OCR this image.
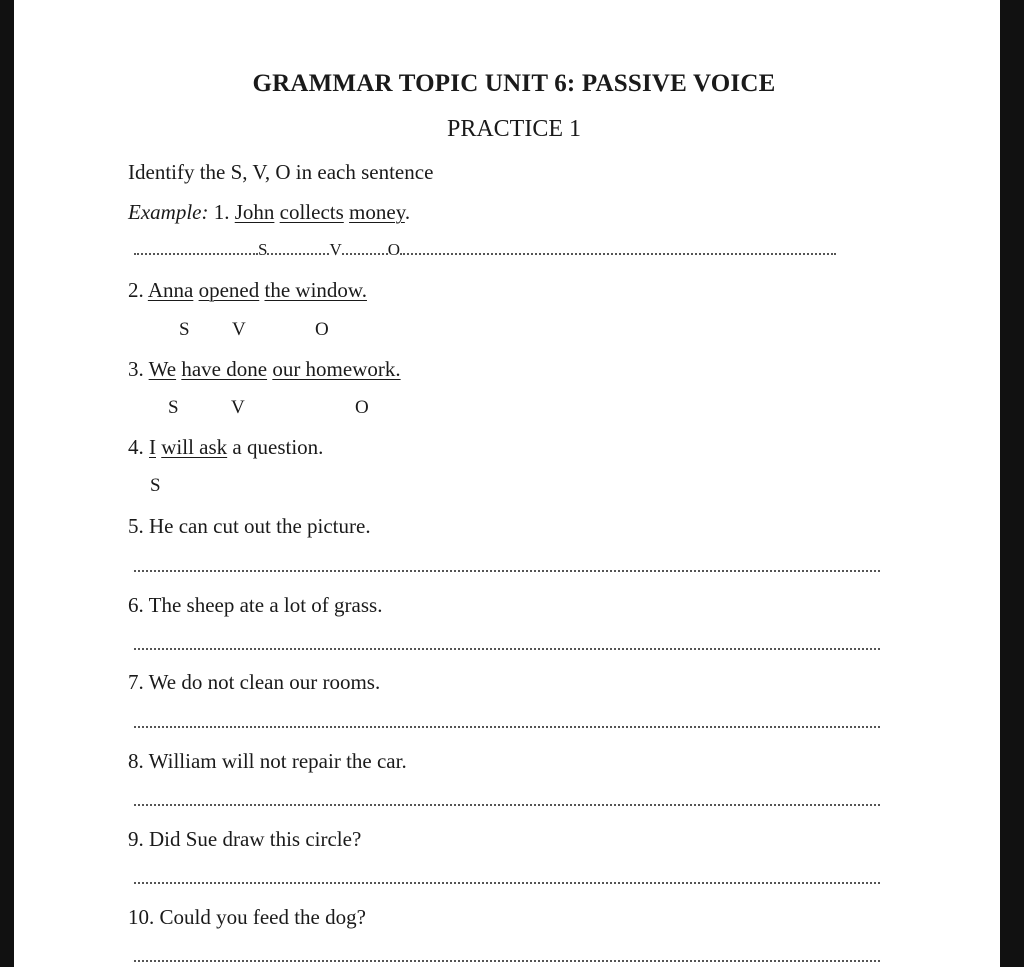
GRAMMAR TOPIC UNIT 6: PASSIVE VOICE
PRACTICE 1
Identify the S, V, O in each sentence
Example: 1. John collects money.
S	V	O
2. Anna opened the window.
S V	O
3. We have done our homework.
S	V	O
4. I will ask a question.
S
5. He can cut out the picture.
6. The sheep ate a lot of grass.
7. We do not clean our rooms.
8. William will not repair the car.
9. Did Sue draw this circle?
10. Could you feed the dog?
